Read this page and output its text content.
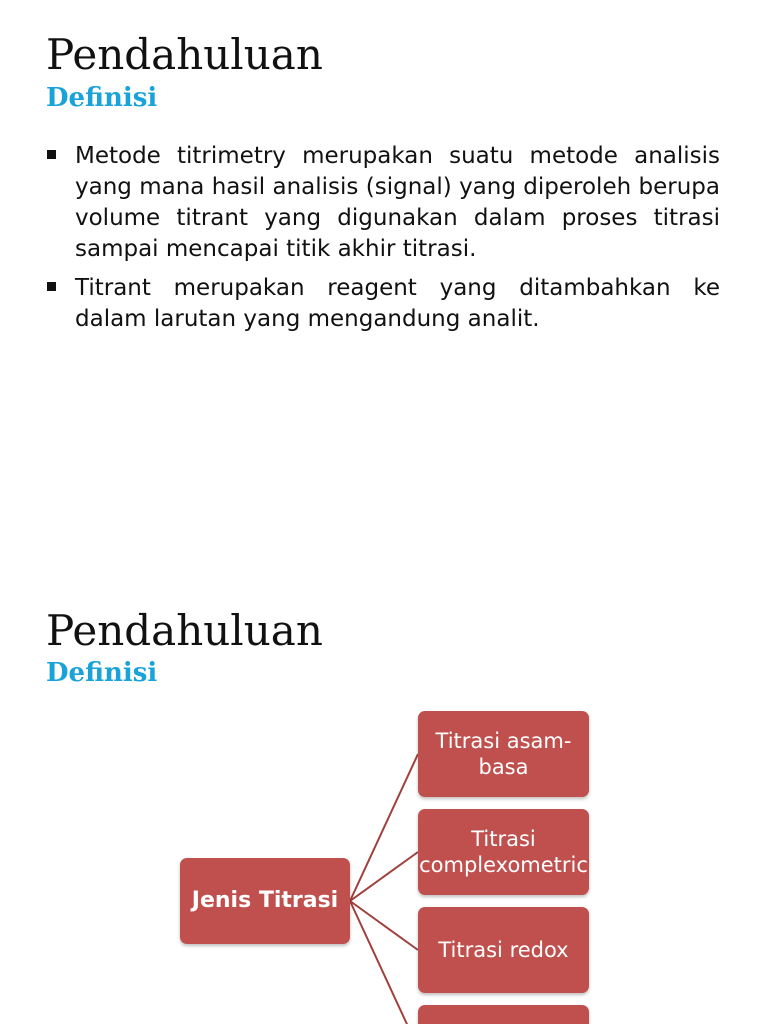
Pendahuluan
Definisi
Metode titrimetry merupakan suatu metode analisis yang mana hasil analisis (signal) yang diperoleh berupa volume titrant yang digunakan dalam proses titrasi sampai mencapai titik akhir titrasi.
Titrant merupakan reagent yang ditambahkan ke dalam larutan yang mengandung analit.
Pendahuluan
Definisi
Jenis Titrasi
Titrasi asam-basa
Titrasi complexometric
Titrasi redox
